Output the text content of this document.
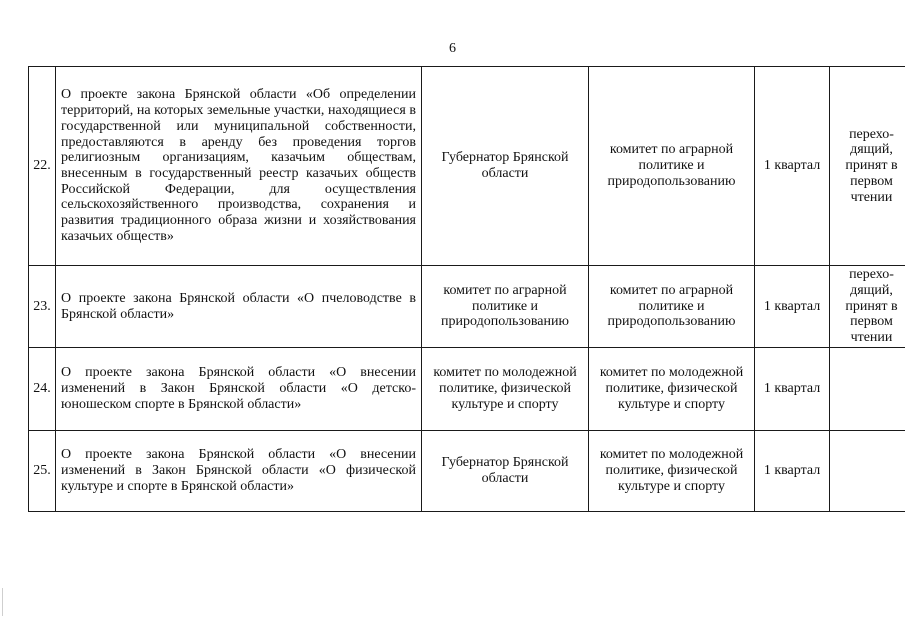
6
22.	О проекте закона Брянской области «Об определении территорий, на которых земельные участки, находящиеся в государственной или муниципальной собственности, предоставляются в аренду без проведения торгов религиозным организациям, казачьим обществам, внесенным в государственный реестр казачьих обществ Российской Федерации, для осуществления сельскохозяйственного производства, сохранения и развития традиционного образа жизни и хозяйствования казачьих обществ»	Губернатор Брянской области	комитет по аграрной политике и природопользованию	1 квартал	перехо-дящий, принят в первом чтении
23.	О проекте закона Брянской области «О пчеловодстве в Брянской области»	комитет по аграрной политике и природопользованию	комитет по аграрной политике и природопользованию	1 квартал	перехо-дящий, принят в первом чтении
24.	О проекте закона Брянской области «О внесении изменений в Закон Брянской области «О детско-юношеском спорте в Брянской области»	комитет по молодежной политике, физической культуре и спорту	комитет по молодежной политике, физической культуре и спорту	1 квартал	
25.	О проекте закона Брянской области «О внесении изменений в Закон Брянской области «О физической культуре и спорте в Брянской области»	Губернатор Брянской области	комитет по молодежной политике, физической культуре и спорту	1 квартал	
